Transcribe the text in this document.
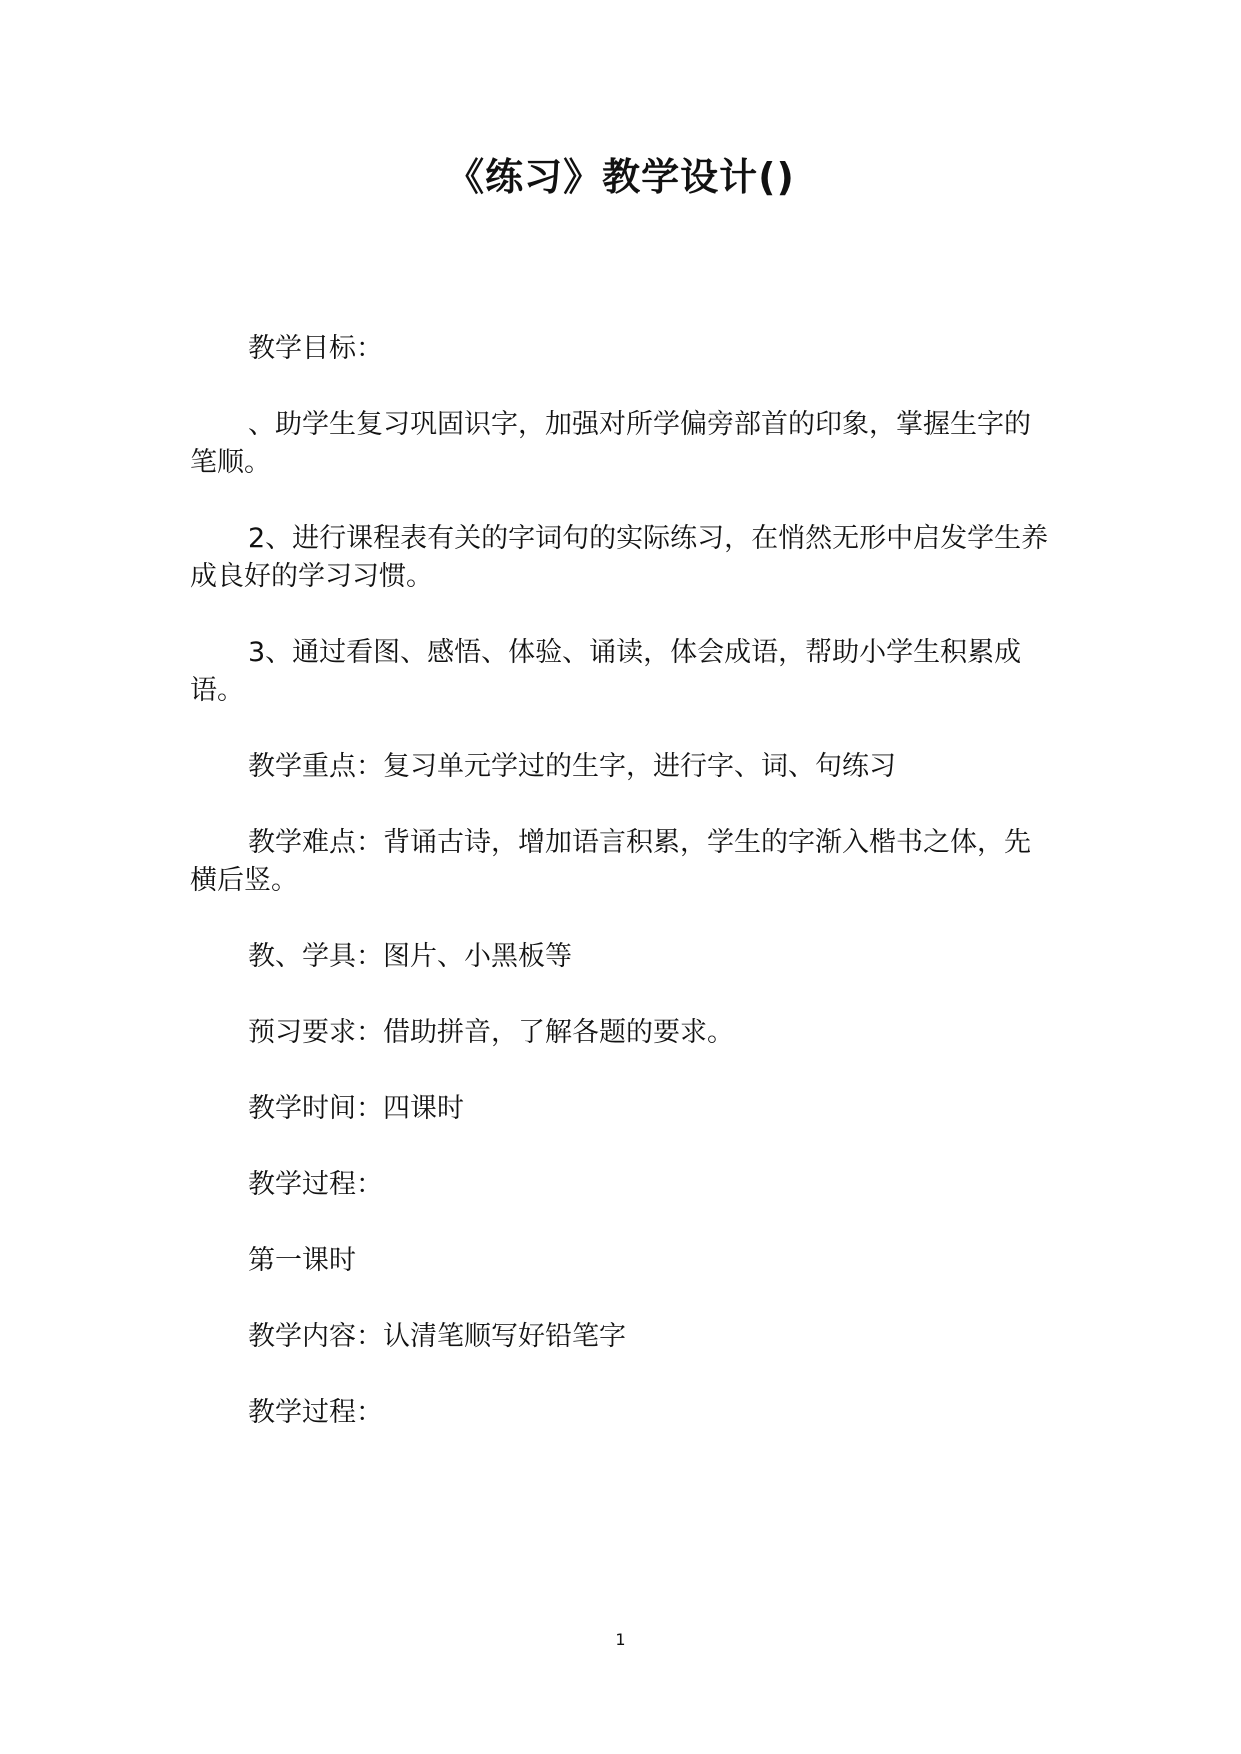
《练习》教学设计()

教学目标：

、助学生复习巩固识字，加强对所学偏旁部首的印象，掌握生字的笔顺。

2、进行课程表有关的字词句的实际练习，在悄然无形中启发学生养成良好的学习习惯。

3、通过看图、感悟、体验、诵读，体会成语，帮助小学生积累成语。

教学重点：复习单元学过的生字，进行字、词、句练习

教学难点：背诵古诗，增加语言积累，学生的字渐入楷书之体，先横后竖。

教、学具：图片、小黑板等

预习要求：借助拼音，了解各题的要求。

教学时间：四课时

教学过程：

第一课时

教学内容：认清笔顺写好铅笔字

教学过程：

1
